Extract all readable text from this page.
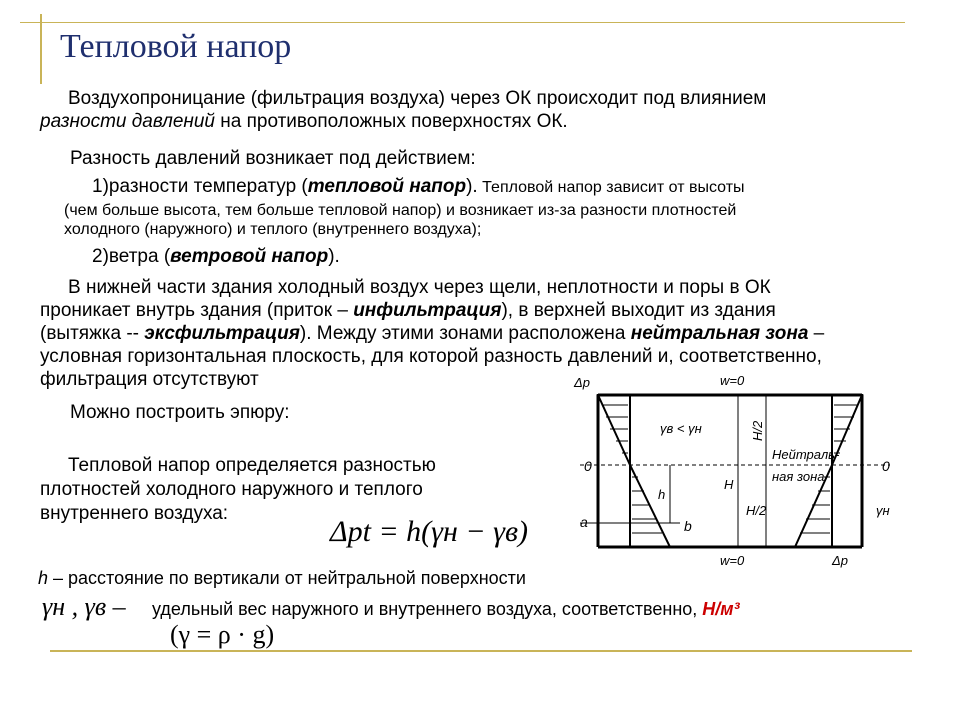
Тепловой напор
Воздухопроницание (фильтрация воздуха) через ОК происходит под влиянием
разности давлений на противоположных поверхностях ОК.
Разность давлений возникает под действием:
1)разности температур (тепловой напор). Тепловой напор зависит от высоты
(чем больше высота, тем больше тепловой напор) и возникает из-за разности плотностей
холодного (наружного) и теплого (внутреннего воздуха);
2)ветра (ветровой напор).
В нижней части здания холодный воздух через щели, неплотности и поры в ОК
проникает внутрь здания (приток – инфильтрация), в верхней выходит из здания
(вытяжка -- эксфильтрация). Между этими зонами расположена нейтральная зона –
условная горизонтальная плоскость, для которой разность давлений и, соответственно,
фильтрация отсутствуют
Можно построить эпюру:
Тепловой напор определяется разностью
плотностей холодного наружного и теплого
внутреннего воздуха:
Δpt = h(γн − γв)
h – расстояние по вертикали от нейтральной поверхности
γн , γв – удельный вес наружного и внутреннего воздуха, соответственно, Н/м³
(γ = ρ · g)
Δp	w=0
γв < γн	H/2
0
Нейтраль-
ная зона
0
H
h
a	b
H/2	γн
w=0	Δp
